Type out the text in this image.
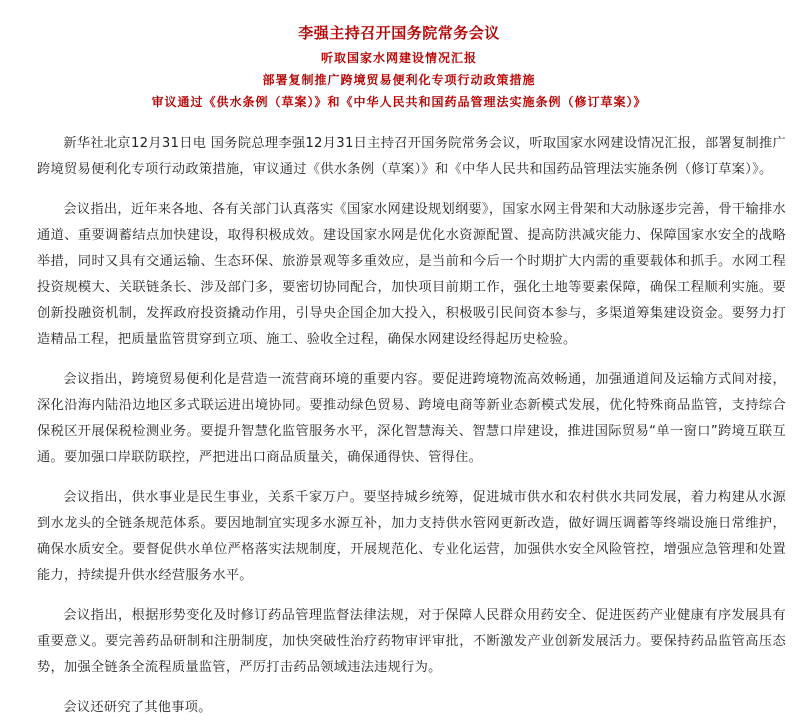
李强主持召开国务院常务会议

听取国家水网建设情况汇报

部署复制推广跨境贸易便利化专项行动政策措施

审议通过《供水条例（草案）》和《中华人民共和国药品管理法实施条例（修订草案）》

新华社北京12月31日电 国务院总理李强12月31日主持召开国务院常务会议，听取国家水网建设情况汇报，部署复制推广跨境贸易便利化专项行动政策措施，审议通过《供水条例（草案）》和《中华人民共和国药品管理法实施条例（修订草案）》。

会议指出，近年来各地、各有关部门认真落实《国家水网建设规划纲要》，国家水网主骨架和大动脉逐步完善，骨干输排水通道、重要调蓄结点加快建设，取得积极成效。建设国家水网是优化水资源配置、提高防洪减灾能力、保障国家水安全的战略举措，同时又具有交通运输、生态环保、旅游景观等多重效应，是当前和今后一个时期扩大内需的重要载体和抓手。水网工程投资规模大、关联链条长、涉及部门多，要密切协同配合，加快项目前期工作，强化土地等要素保障，确保工程顺利实施。要创新投融资机制，发挥政府投资撬动作用，引导央企国企加大投入，积极吸引民间资本参与，多渠道筹集建设资金。要努力打造精品工程，把质量监管贯穿到立项、施工、验收全过程，确保水网建设经得起历史检验。

会议指出，跨境贸易便利化是营造一流营商环境的重要内容。要促进跨境物流高效畅通，加强通道间及运输方式间对接，深化沿海内陆沿边地区多式联运进出境协同。要推动绿色贸易、跨境电商等新业态新模式发展，优化特殊商品监管，支持综合保税区开展保税检测业务。要提升智慧化监管服务水平，深化智慧海关、智慧口岸建设，推进国际贸易“单一窗口”跨境互联互通。要加强口岸联防联控，严把进出口商品质量关，确保通得快、管得住。

会议指出，供水事业是民生事业，关系千家万户。要坚持城乡统筹，促进城市供水和农村供水共同发展，着力构建从水源到水龙头的全链条规范体系。要因地制宜实现多水源互补，加力支持供水管网更新改造，做好调压调蓄等终端设施日常维护，确保水质安全。要督促供水单位严格落实法规制度，开展规范化、专业化运营，加强供水安全风险管控，增强应急管理和处置能力，持续提升供水经营服务水平。

会议指出，根据形势变化及时修订药品管理监督法律法规，对于保障人民群众用药安全、促进医药产业健康有序发展具有重要意义。要完善药品研制和注册制度，加快突破性治疗药物审评审批，不断激发产业创新发展活力。要保持药品监管高压态势，加强全链条全流程质量监管，严厉打击药品领域违法违规行为。

会议还研究了其他事项。
